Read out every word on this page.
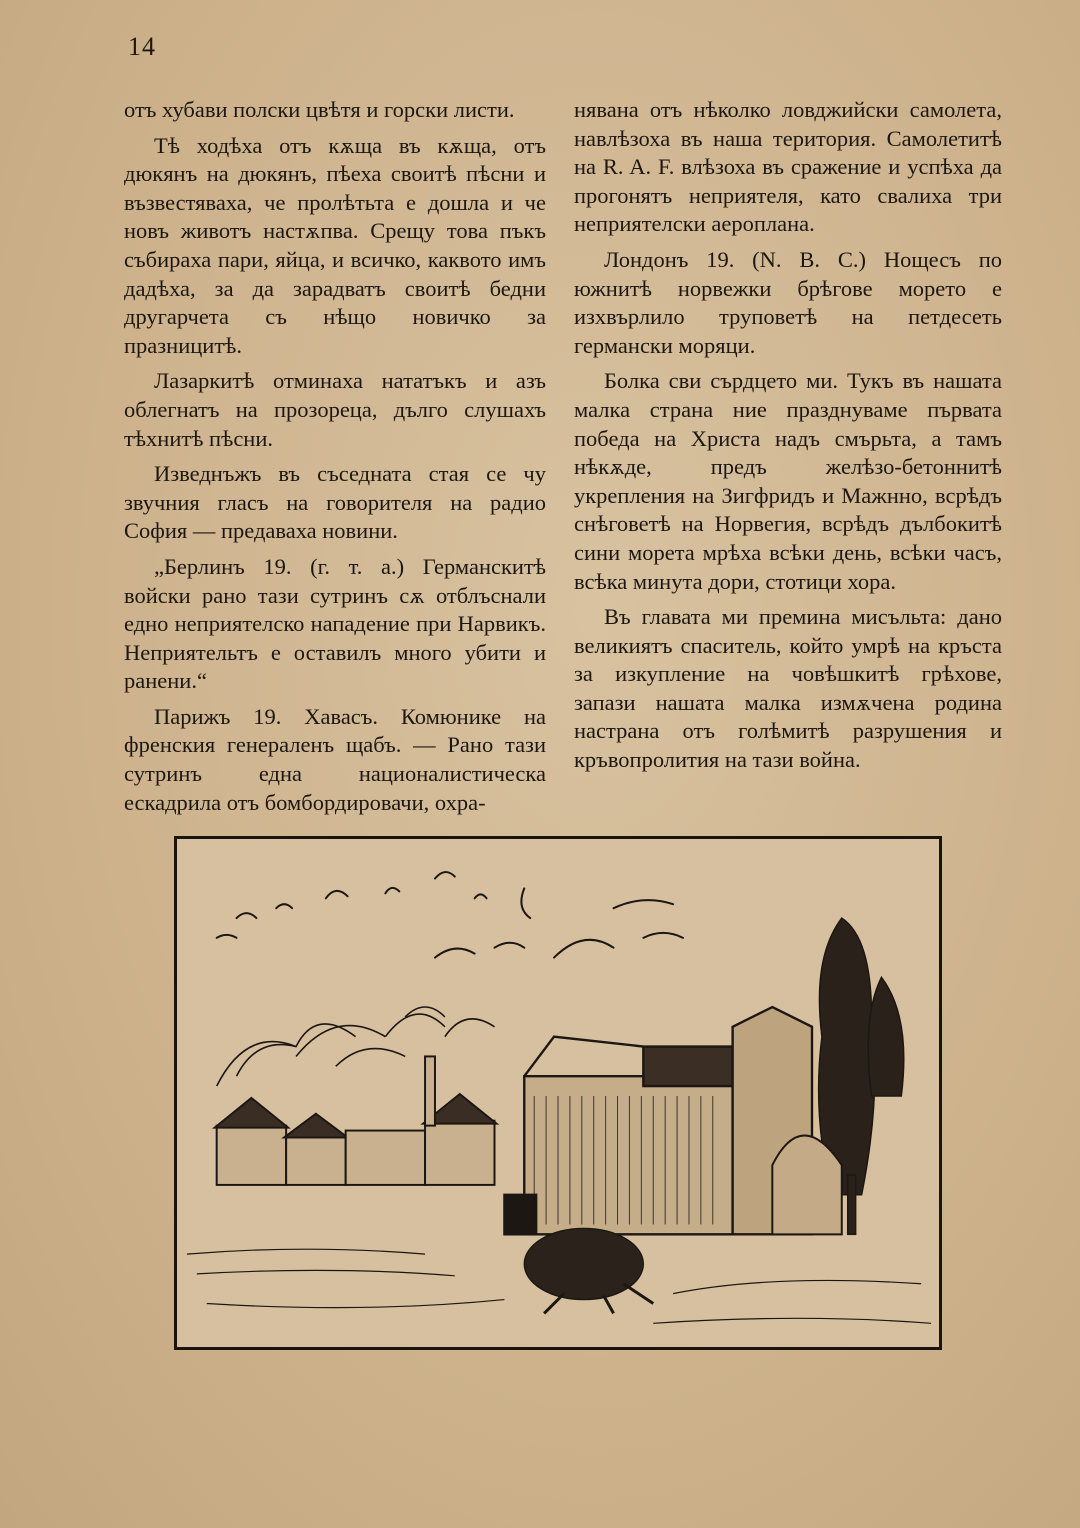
14

отъ хубави полски цвѣтя и горски листи.

Тѣ ходѣха отъ кѫща въ кѫща, отъ дюкянъ на дюкянъ, пѣеха своитѣ пѣсни и възвестяваха, че пролѣтьта е дошла и че новъ животъ настѫпва. Срещу това пъкъ събираха пари, яйца, и всичко, каквото имъ дадѣха, за да зарадватъ своитѣ бедни другарчета съ нѣщо новичко за празницитѣ.

Лазаркитѣ отминаха нататъкъ и азъ облегнатъ на прозореца, дълго слушахъ тѣхнитѣ пѣсни.

Изведнъжъ въ съседната стая се чу звучния гласъ на говорителя на радио София — предаваха новини.

„Берлинъ 19. (г. т. а.) Германскитѣ войски рано тази сутринъ сѫ отблъснали едно неприятелско нападение при Нарвикъ. Неприятельтъ е оставилъ много убити и ранени.“

Парижъ 19. Хавасъ. Комюнике на френския генераленъ щабъ. — Рано тази сутринъ една националистическа ескадрила отъ бомбордировачи, охра-

нявана отъ нѣколко ловджийски самолета, навлѣзоха въ наша територия. Самолетитѣ на R. A. F. влѣзоха въ сражение и успѣха да прогонятъ неприятеля, като свалиха три неприятелски аероплана.

Лондонъ 19. (N. B. C.) Нощесъ по южнитѣ норвежки брѣгове морето е изхвърлило труповетѣ на петдесеть германски моряци.

Болка сви сърдцето ми. Тукъ въ нашата малка страна ние празднуваме първата победа на Христа надъ смърьта, а тамъ нѣкѫде, предъ желѣзо-бетоннитѣ укрепления на Зигфридъ и Мажнно, всрѣдъ снѣговетѣ на Норвегия, всрѣдъ дълбокитѣ сини морета мрѣха всѣки день, всѣки часъ, всѣка минута дори, стотици хора.

Въ главата ми премина мисъльта: дано великиятъ спаситель, който умрѣ на кръста за изкупление на човѣшкитѣ грѣхове, запази нашата малка измѫчена родина настрана отъ голѣмитѣ разрушения и кръвопролития на тази война.
